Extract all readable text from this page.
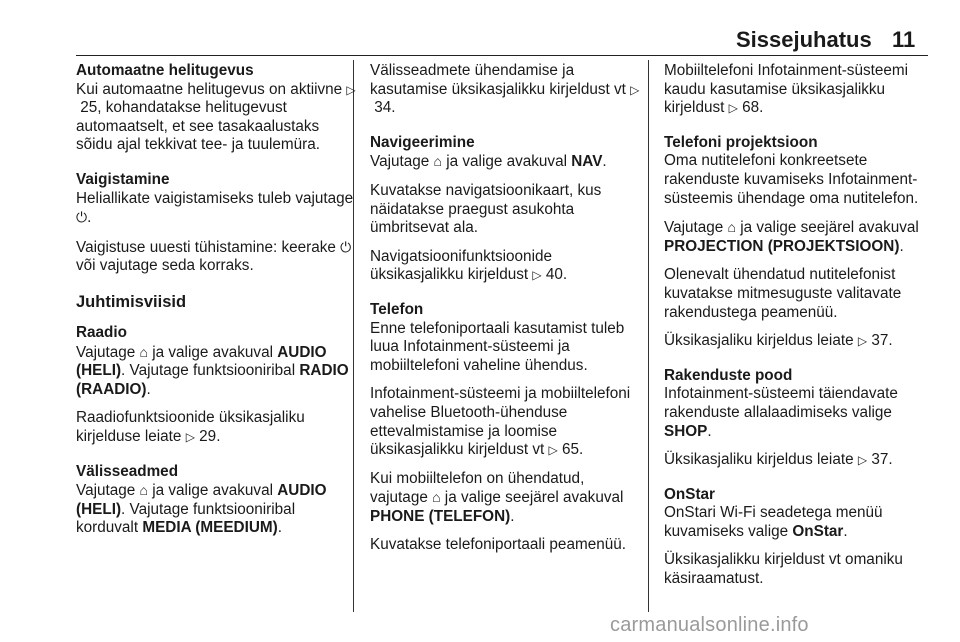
Sissejuhatus 11
Automaatne helitugevus

Kui automaatne helitugevus on aktiivne ▷ 25, kohandatakse helitugevust automaatselt, et see tasakaalustaks sõidu ajal tekkivat tee- ja tuulemüra.

Vaigistamine

Heliallikate vaigistamiseks tuleb vajutage ⏻.

Vaigistuse uuesti tühistamine: keerake ⏻ või vajutage seda korraks.

Juhtimisviisid
Raadio

Vajutage ⌂ ja valige avakuval AUDIO (HELI). Vajutage funktsiooniribal RADIO (RAADIO).

Raadiofunktsioonide üksikasjaliku kirjelduse leiate ▷ 29.

Välisseadmed

Vajutage ⌂ ja valige avakuval AUDIO (HELI). Vajutage funktsiooniribal korduvalt MEDIA (MEEDIUM).

Välisseadmete ühendamise ja kasutamise üksikasjalikku kirjeldust vt ▷ 34.

Navigeerimine

Vajutage ⌂ ja valige avakuval NAV.

Kuvatakse navigatsioonikaart, kus näidatakse praegust asukohta ümbritsevat ala.

Navigatsioonifunktsioonide üksikasjalikku kirjeldust ▷ 40.

Telefon

Enne telefoniportaali kasutamist tuleb luua Infotainment-süsteemi ja mobiiltelefoni vaheline ühendus.

Infotainment-süsteemi ja mobiiltelefoni vahelise Bluetooth-ühenduse ettevalmistamise ja loomise üksikasjalikku kirjeldust vt ▷ 65.

Kui mobiiltelefon on ühendatud, vajutage ⌂ ja valige seejärel avakuval PHONE (TELEFON).

Kuvatakse telefoniportaali peamenüü.

Mobiiltelefoni Infotainment-süsteemi kaudu kasutamise üksikasjalikku kirjeldust ▷ 68.

Telefoni projektsioon

Oma nutitelefoni konkreetsete rakenduste kuvamiseks Infotainment-süsteemis ühendage oma nutitelefon.

Vajutage ⌂ ja valige seejärel avakuval PROJECTION (PROJEKTSIOON).

Olenevalt ühendatud nutitelefonist kuvatakse mitmesuguste valitavate rakendustega peamenüü.

Üksikasjaliku kirjeldus leiate ▷ 37.

Rakenduste pood

Infotainment-süsteemi täiendavate rakenduste allalaadimiseks valige SHOP.

Üksikasjaliku kirjeldus leiate ▷ 37.

OnStar

OnStari Wi-Fi seadetega menüü kuvamiseks valige OnStar.

Üksikasjalikku kirjeldust vt omaniku käsiraamatust.

carmanualsonline.info
